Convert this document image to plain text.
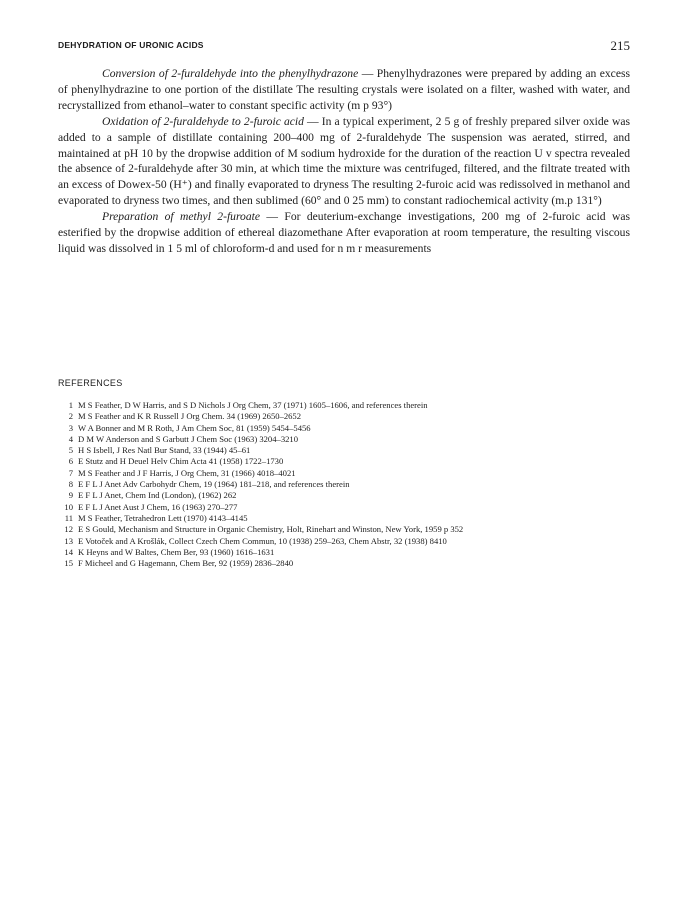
DEHYDRATION OF URONIC ACIDS	215

Conversion of 2-furaldehyde into the phenylhydrazone — Phenylhydrazones were prepared by adding an excess of phenylhydrazine to one portion of the distillate The resulting crystals were isolated on a filter, washed with water, and recrystallized from ethanol–water to constant specific activity (m p 93°)

Oxidation of 2-furaldehyde to 2-furoic acid — In a typical experiment, 2 5 g of freshly prepared silver oxide was added to a sample of distillate containing 200–400 mg of 2-furaldehyde The suspension was aerated, stirred, and maintained at pH 10 by the dropwise addition of M sodium hydroxide for the duration of the reaction U v spectra revealed the absence of 2-furaldehyde after 30 min, at which time the mixture was centrifuged, filtered, and the filtrate treated with an excess of Dowex-50 (H⁺) and finally evaporated to dryness The resulting 2-furoic acid was redissolved in methanol and evaporated to dryness two times, and then sublimed (60° and 0 25 mm) to constant radiochemical activity (m.p 131°)

Preparation of methyl 2-furoate — For deuterium-exchange investigations, 200 mg of 2-furoic acid was esterified by the dropwise addition of ethereal diazomethane After evaporation at room temperature, the resulting viscous liquid was dissolved in 1 5 ml of chloroform-d and used for n m r measurements

REFERENCES
1 M S Feather, D W Harris, and S D Nichols J Org Chem, 37 (1971) 1605–1606, and references therein
2 M S Feather and K R Russell J Org Chem. 34 (1969) 2650–2652
3 W A Bonner and M R Roth, J Am Chem Soc, 81 (1959) 5454–5456
4 D M W Anderson and S Garbutt J Chem Soc (1963) 3204–3210
5 H S Isbell, J Res Natl Bur Stand, 33 (1944) 45–61
6 E Stutz and H Deuel Helv Chim Acta 41 (1958) 1722–1730
7 M S Feather and J F Harris, J Org Chem, 31 (1966) 4018–4021
8 E F L J Anet Adv Carbohydr Chem, 19 (1964) 181–218, and references therein
9 E F L J Anet, Chem Ind (London), (1962) 262
10 E F L J Anet Aust J Chem, 16 (1963) 270–277
11 M S Feather, Tetrahedron Lett (1970) 4143–4145
12 E S Gould, Mechanism and Structure in Organic Chemistry, Holt, Rinehart and Winston, New York, 1959 p 352
13 E Votoček and A Krošlák, Collect Czech Chem Commun, 10 (1938) 259–263, Chem Abstr, 32 (1938) 8410
14 K Heyns and W Baltes, Chem Ber, 93 (1960) 1616–1631
15 F Micheel and G Hagemann, Chem Ber, 92 (1959) 2836–2840
